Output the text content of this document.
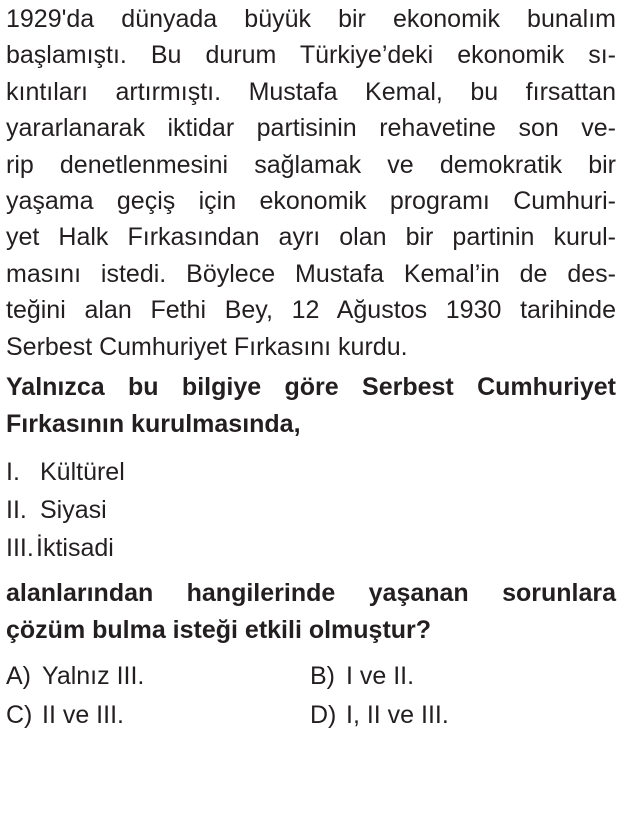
1929'da dünyada büyük bir ekonomik bunalım
başlamıştı. Bu durum Türkiye’deki ekonomik sı-
kıntıları artırmıştı. Mustafa Kemal, bu fırsattan
yararlanarak iktidar partisinin rehavetine son ve-
rip denetlenmesini sağlamak ve demokratik bir
yaşama geçiş için ekonomik programı Cumhuri-
yet Halk Fırkasından ayrı olan bir partinin kurul-
masını istedi. Böylece Mustafa Kemal’in de des-
teğini alan Fethi Bey, 12 Ağustos 1930 tarihinde
Serbest Cumhuriyet Fırkasını kurdu.
Yalnızca bu bilgiye göre Serbest Cumhuriyet
Fırkasının kurulmasında,
I. Kültürel
II. Siyasi
III. İktisadi
alanlarından hangilerinde yaşanan sorunlara
çözüm bulma isteği etkili olmuştur?
A) Yalnız III.	B) I ve II.
C) II ve III.	D) I, II ve III.
